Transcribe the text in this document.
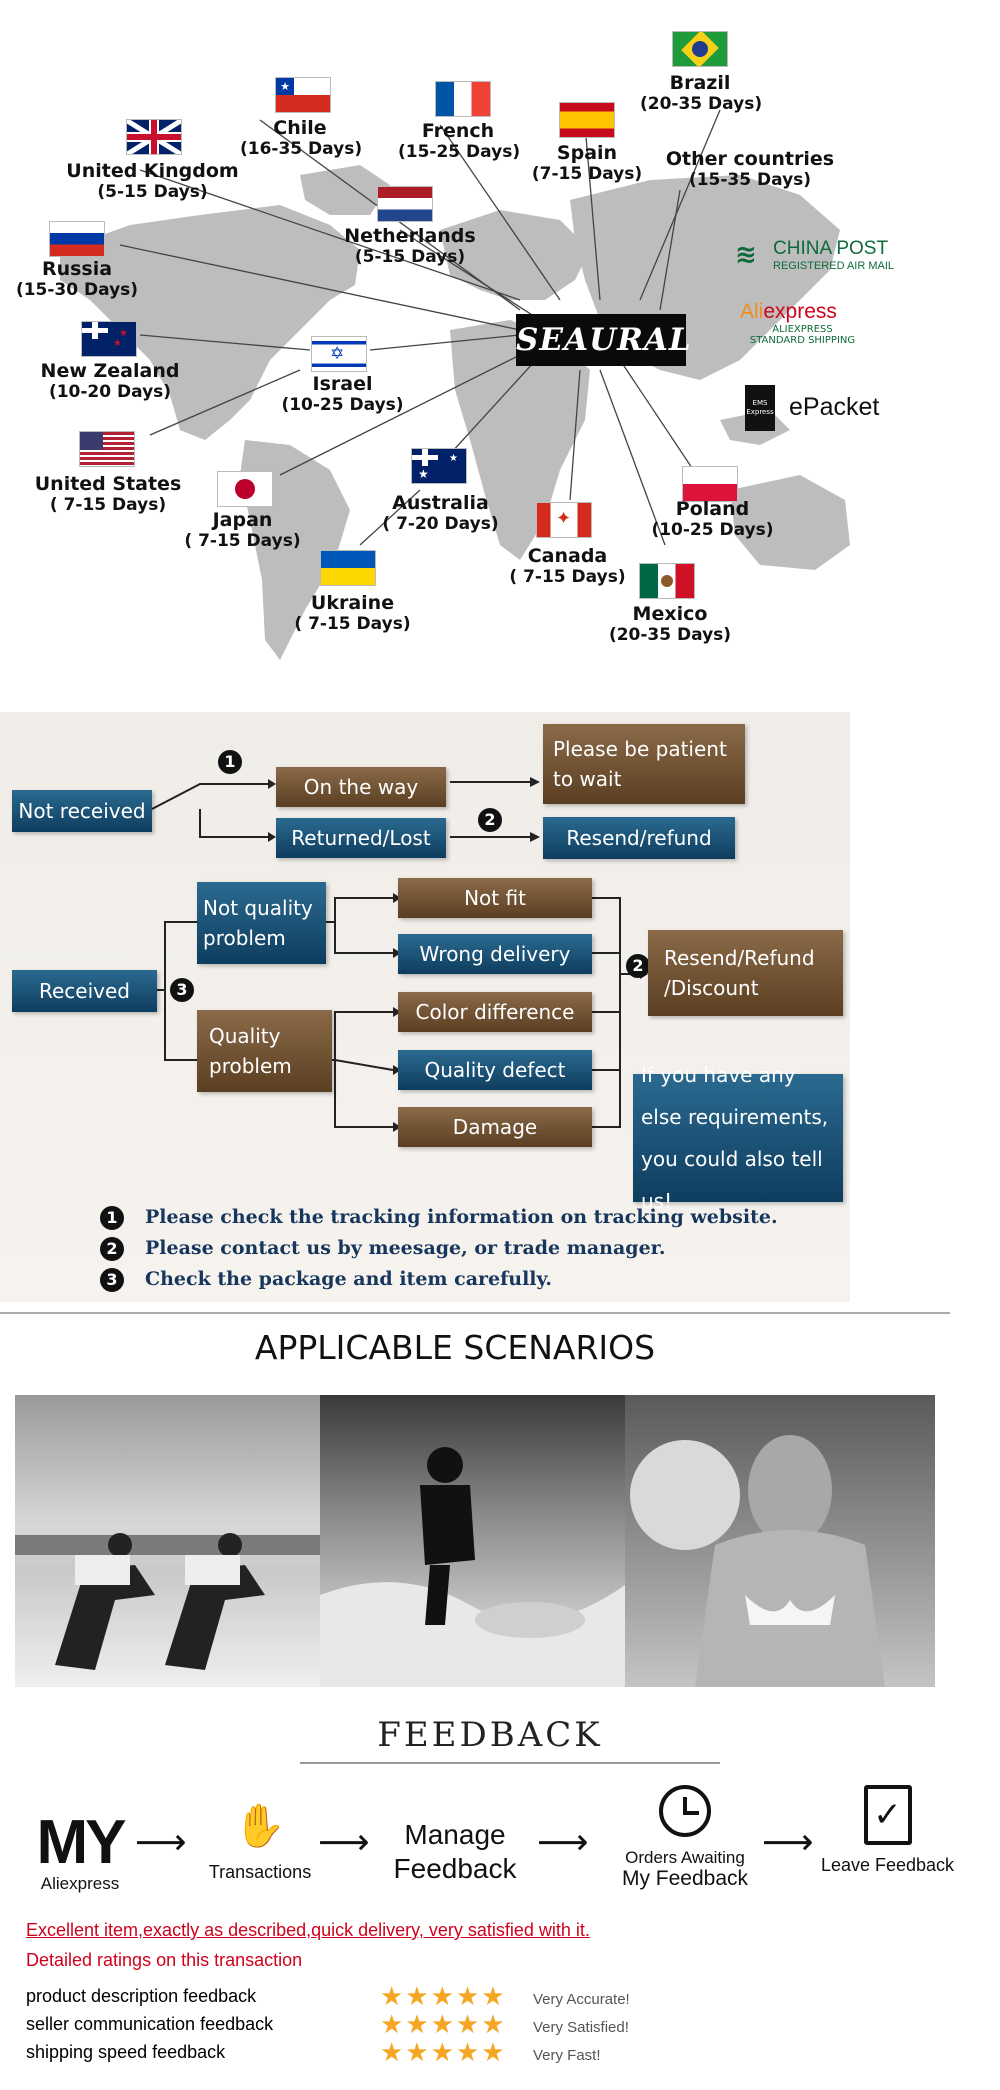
★
★
★
✡
★
★
✦
Brazil
(20-35 Days)
Chile
(16-35 Days)
French
(15-25 Days)	Spain
(7-15 Days)
Other countries
(15-35 Days)
United Kingdom
(5-15 Days)
Netherlands
(5-15 Days)
Russia
(15-30 Days)
New Zealand
(10-20 Days)	Israel
(10-25 Days)
United States
( 7-15 Days)
Japan
( 7-15 Days)
Australia
( 7-20 Days)
Poland
(10-25 Days)
Canada
( 7-15 Days)
Ukraine
( 7-15 Days)	Mexico
(20-35 Days)
SEAURAL
≋ CHINA POST
REGISTERED AIR MAIL
Aliexpress
ALIEXPRESS
STANDARD SHIPPING
EMS Express ePacket
Not received
1
On the way
Returned/Lost
2
Please be patient to wait
Resend/refund
Received	3
Not quality problem
Quality problem
Not fit
Wrong delivery
Color difference
Quality defect
Damage
2	Resend/Refund /Discount
If you have any else requirements, you could also tell us!
1
2
3
Please check the tracking information on tracking website.
Please contact us by meesage, or trade manager.
Check the package and item carefully.
APPLICABLE SCENARIOS
FEEDBACK
MY
Aliexpress
⟶	✋
Transactions
⟶	Manage
Feedback
⟶	Orders Awaiting
My Feedback
⟶
✓
Leave Feedback
Excellent item,exactly as described,quick delivery, very satisfied with it.
Detailed ratings on this transaction
product description feedback	★★★★★ Very Accurate!
seller communication feedback	★★★★★ Very Satisfied!
shipping speed feedback	★★★★★ Very Fast!
